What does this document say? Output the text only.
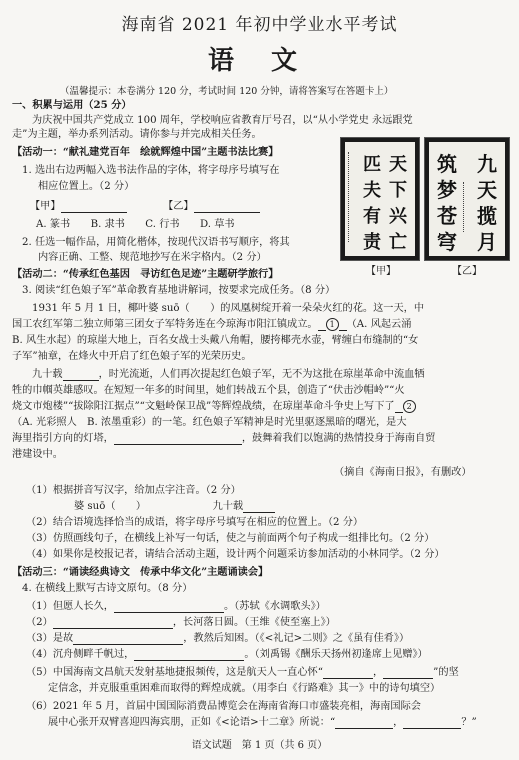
海南省 2021 年初中学业水平考试
语 文
（温馨提示：本卷满分 120 分，考试时间 120 分钟，请将答案写在答题卡上）
一、积累与运用（25 分）
为庆祝中国共产党成立 100 周年，学校响应省教育厅号召，以“从小学党史 永远跟党
走”为主题，举办系列活动。请你参与并完成相关任务。
【活动一：“献礼建党百年　绘就辉煌中国”主题书法比赛】
1. 选出右边两幅入选书法作品的字体，将字母序号填写在
相应位置上。（2 分）
【甲】	【乙】
A. 篆书　　B. 隶书　　C. 行书　　D. 草书
2. 任选一幅作品，用简化楷体，按现代汉语书写顺序，将其
内容正确、工整、规范地抄写在米字格内。（2 分）
天
下
兴
亡
匹
夫
有
责
九
天
揽
月
筑
梦
苍
穹
【甲】	【乙】
【活动二：“传承红色基因　寻访红色足迹”主题研学旅行】
3. 阅读“红色娘子军”革命教育基地讲解词，按要求完成任务。（8 分）
1931 年 5 月 1 日，椰叶婆 suō（　　）的凤凰树绽开着一朵朵火红的花。这一天，中
国工农红军第二独立师第三团女子军特务连在今琼海市阳江镇成立。 1 （A. 风起云涌
B. 风生水起）的琼崖大地上，百名女战士头戴八角帽，腰挎椰壳水壶，臂缠白布缝制的“女
子军”袖章，在烽火中开启了红色娘子军的光荣历史。
九十载	，时光流逝，人们再次提起红色娘子军，无不为这批在琼崖革命中流血牺
牲的巾帼英雄感叹。在短短一年多的时间里，她们转战五个县，创造了“伏击沙帽岭”“火
烧文市炮楼”“拔除阳江据点”“文魁岭保卫战”等辉煌战绩，在琼崖革命斗争史上写下了 2
（A. 光彩照人　B. 浓墨重彩）的一笔。红色娘子军精神是时光里驱逐黑暗的曙光，是大
海里指引方向的灯塔，	，鼓舞着我们以饱满的热情投身于海南自贸
港建设中。
（摘自《海南日报》，有删改）
（1）根据拼音写汉字，给加点字注音。（2 分）
婆 suō（　　）	九十载
（2）结合语境选择恰当的成语，将字母序号填写在相应的位置上。（2 分）
（3）仿照画线句子，在横线上补写一句话，使之与前面两个句子构成一组排比句。（2 分）
（4）如果你是校报记者，请结合活动主题，设计两个问题采访参加活动的小林同学。（2 分）
【活动三：“诵读经典诗文　传承中华文化”主题诵读会】
4. 在横线上默写古诗文原句。（8 分）
（1）但愿人长久，	。（苏轼《水调歌头》）
（2）	，长河落日圆。（王维《使至塞上》）
（3）是故	，教然后知困。（《<礼记>二则》之《虽有佳肴》）
（4）沉舟侧畔千帆过，	。（刘禹锡《酬乐天扬州初逢席上见赠》）
（5）中国海南文昌航天发射基地捷报频传，这是航天人一直心怀“	，	”的坚
定信念，并克服重重困难而取得的辉煌成就。（用李白《行路难》其一》中的诗句填空）
（6）2021 年 5 月，首届中国国际消费品博览会在海南省海口市盛装亮相，海南国际会
展中心张开双臂喜迎四海宾朋，正如《<论语>十二章》所说：“	，	？”
语文试题　第 1 页（共 6 页）
